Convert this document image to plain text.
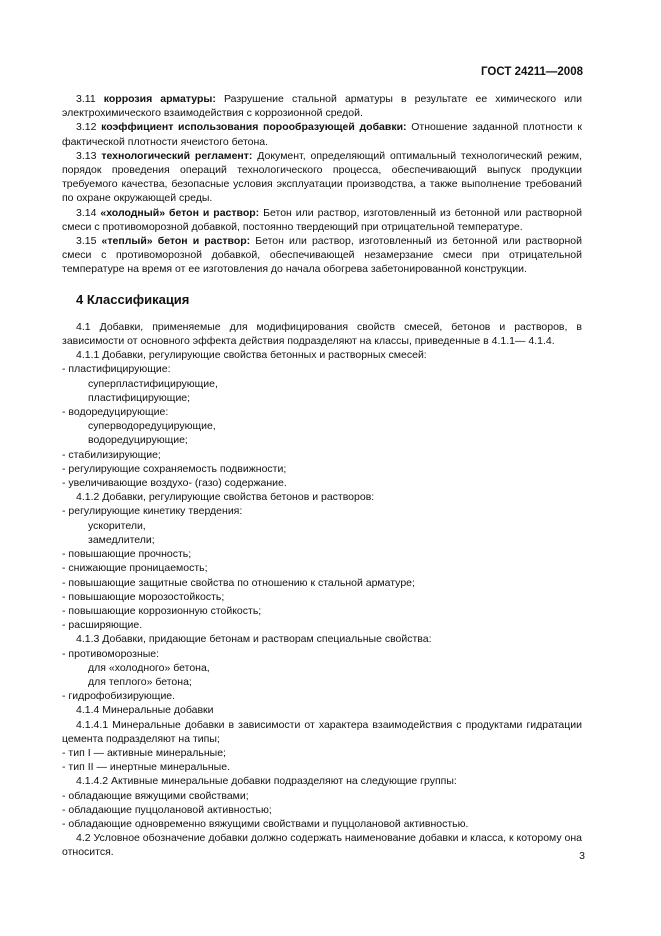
ГОСТ 24211—2008

3.11 коррозия арматуры: Разрушение стальной арматуры в результате ее химического или электрохимического взаимодействия с коррозионной средой.

3.12 коэффициент использования порообразующей добавки: Отношение заданной плотности к фактической плотности ячеистого бетона.

3.13 технологический регламент: Документ, определяющий оптимальный технологический режим, порядок проведения операций технологического процесса, обеспечивающий выпуск продукции требуемого качества, безопасные условия эксплуатации производства, а также выполнение требований по охране окружающей среды.

3.14 «холодный» бетон и раствор: Бетон или раствор, изготовленный из бетонной или растворной смеси с противоморозной добавкой, постоянно твердеющий при отрицательной температуре.

3.15 «теплый» бетон и раствор: Бетон или раствор, изготовленный из бетонной или растворной смеси с противоморозной добавкой, обеспечивающей незамерзание смеси при отрицательной температуре на время от ее изготовления до начала обогрева забетонированной конструкции.

4 Классификация

4.1 Добавки, применяемые для модифицирования свойств смесей, бетонов и растворов, в зависимости от основного эффекта действия подразделяют на классы, приведенные в 4.1.1— 4.1.4.

4.1.1 Добавки, регулирующие свойства бетонных и растворных смесей:
- пластифицирующие:
суперпластифицирующие,
пластифицирующие;
- водоредуцирующие:
суперводоредуцирующие,
водоредуцирующие;
- стабилизирующие;
- регулирующие сохраняемость подвижности;
- увеличивающие воздухо- (газо) содержание.
4.1.2 Добавки, регулирующие свойства бетонов и растворов:
- регулирующие кинетику твердения:
ускорители,
замедлители;
- повышающие прочность;
- снижающие проницаемость;
- повышающие защитные свойства по отношению к стальной арматуре;
- повышающие морозостойкость;
- повышающие коррозионную стойкость;
- расширяющие.
4.1.3 Добавки, придающие бетонам и растворам специальные свойства:
- противоморозные:
для «холодного» бетона,
для теплого» бетона;
- гидрофобизирующие.
4.1.4 Минеральные добавки

4.1.4.1 Минеральные добавки в зависимости от характера взаимодействия с продуктами гидратации цемента подразделяют на типы;

- тип I — активные минеральные;
- тип II — инертные минеральные.
4.1.4.2 Активные минеральные добавки подразделяют на следующие группы:
- обладающие вяжущими свойствами;
- обладающие пуццолановой активностью;
- обладающие одновременно вяжущими свойствами и пуццолановой активностью.

4.2 Условное обозначение добавки должно содержать наименование добавки и класса, к которому она относится.	3
